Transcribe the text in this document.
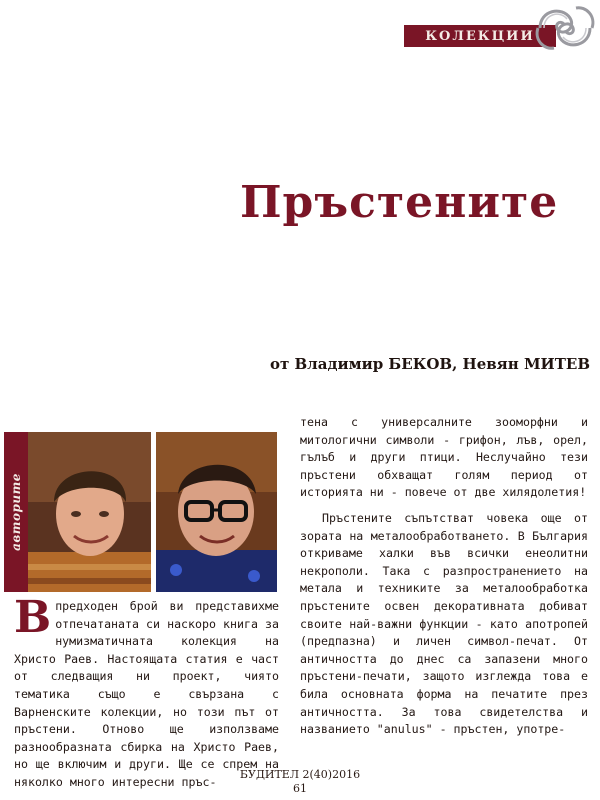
КОЛЕКЦИИ
Пръстените
от Владимир БЕКОВ, Невян МИТЕВ
авторите

Впредходен брой ви представихме отпечатаната си наскоро книга за нумизматичната колекция на Христо Раев. Настоящата статия е част от следващия ни проект, чиято тематика също е свързана с Варненските колекции, но този път от пръстени. Отново ще използваме разнообразната сбирка на Христо Раев, но ще включим и други. Ще се спрем на няколко много интересни пръс-

тена с универсалните зооморфни и митологични символи - грифон, лъв, орел, гълъб и други птици. Неслучайно тези пръстени обхващат голям период от историята ни - повече от две хилядолетия!

Пръстените съпътстват човека още от зората на металообработването. В България откриваме халки във всички енеолитни некрополи. Така с разпространението на метала и техниките за металообработка пръстените освен декоративната добиват своите най-важни функции - като апотропей (предпазна) и личен символ-печат. От античността до днес са запазени много пръстени-печати, защото изглежда това е била основната форма на печатите през античността. За това свидетелства и названието "anulus" - пръстен, употре-

БУДИТЕЛ 2(40)2016
61
